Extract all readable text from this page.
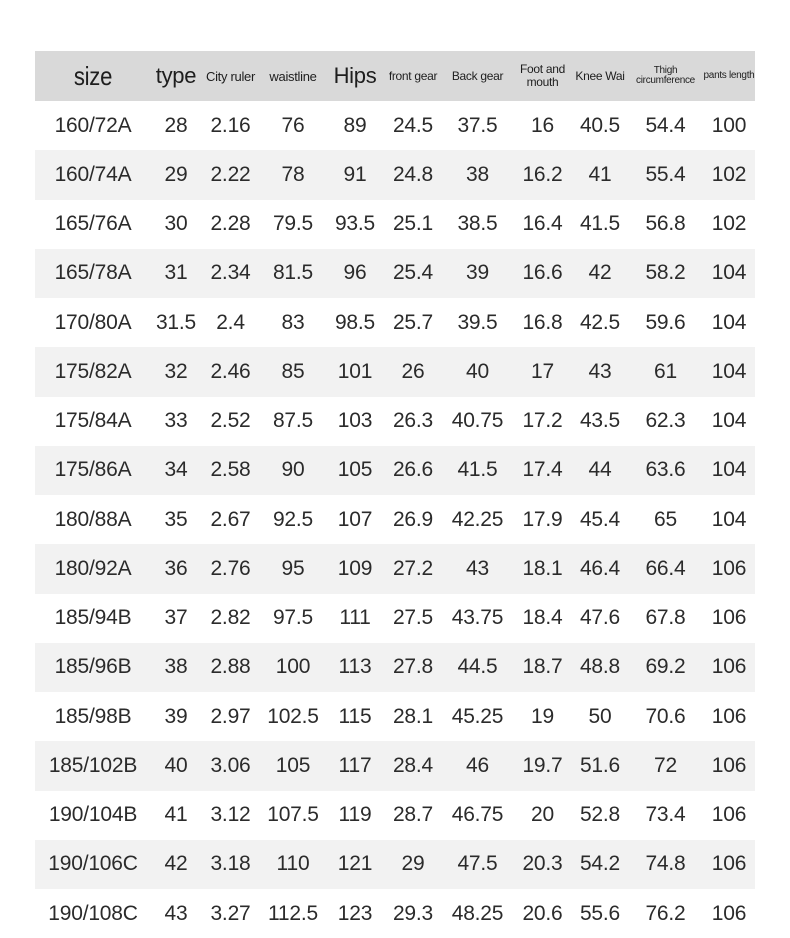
size	type	City ruler	waistline	Hips	front gear	Back gear	Foot and mouth	Knee Wai	Thigh circumference	pants length
160/72A	28	2.16	76	89	24.5	37.5	16	40.5	54.4	100
160/74A	29	2.22	78	91	24.8	38	16.2	41	55.4	102
165/76A	30	2.28	79.5	93.5	25.1	38.5	16.4	41.5	56.8	102
165/78A	31	2.34	81.5	96	25.4	39	16.6	42	58.2	104
170/80A	31.5	2.4	83	98.5	25.7	39.5	16.8	42.5	59.6	104
175/82A	32	2.46	85	101	26	40	17	43	61	104
175/84A	33	2.52	87.5	103	26.3	40.75	17.2	43.5	62.3	104
175/86A	34	2.58	90	105	26.6	41.5	17.4	44	63.6	104
180/88A	35	2.67	92.5	107	26.9	42.25	17.9	45.4	65	104
180/92A	36	2.76	95	109	27.2	43	18.1	46.4	66.4	106
185/94B	37	2.82	97.5	111	27.5	43.75	18.4	47.6	67.8	106
185/96B	38	2.88	100	113	27.8	44.5	18.7	48.8	69.2	106
185/98B	39	2.97	102.5	115	28.1	45.25	19	50	70.6	106
185/102B	40	3.06	105	117	28.4	46	19.7	51.6	72	106
190/104B	41	3.12	107.5	119	28.7	46.75	20	52.8	73.4	106
190/106C	42	3.18	110	121	29	47.5	20.3	54.2	74.8	106
190/108C	43	3.27	112.5	123	29.3	48.25	20.6	55.6	76.2	106
